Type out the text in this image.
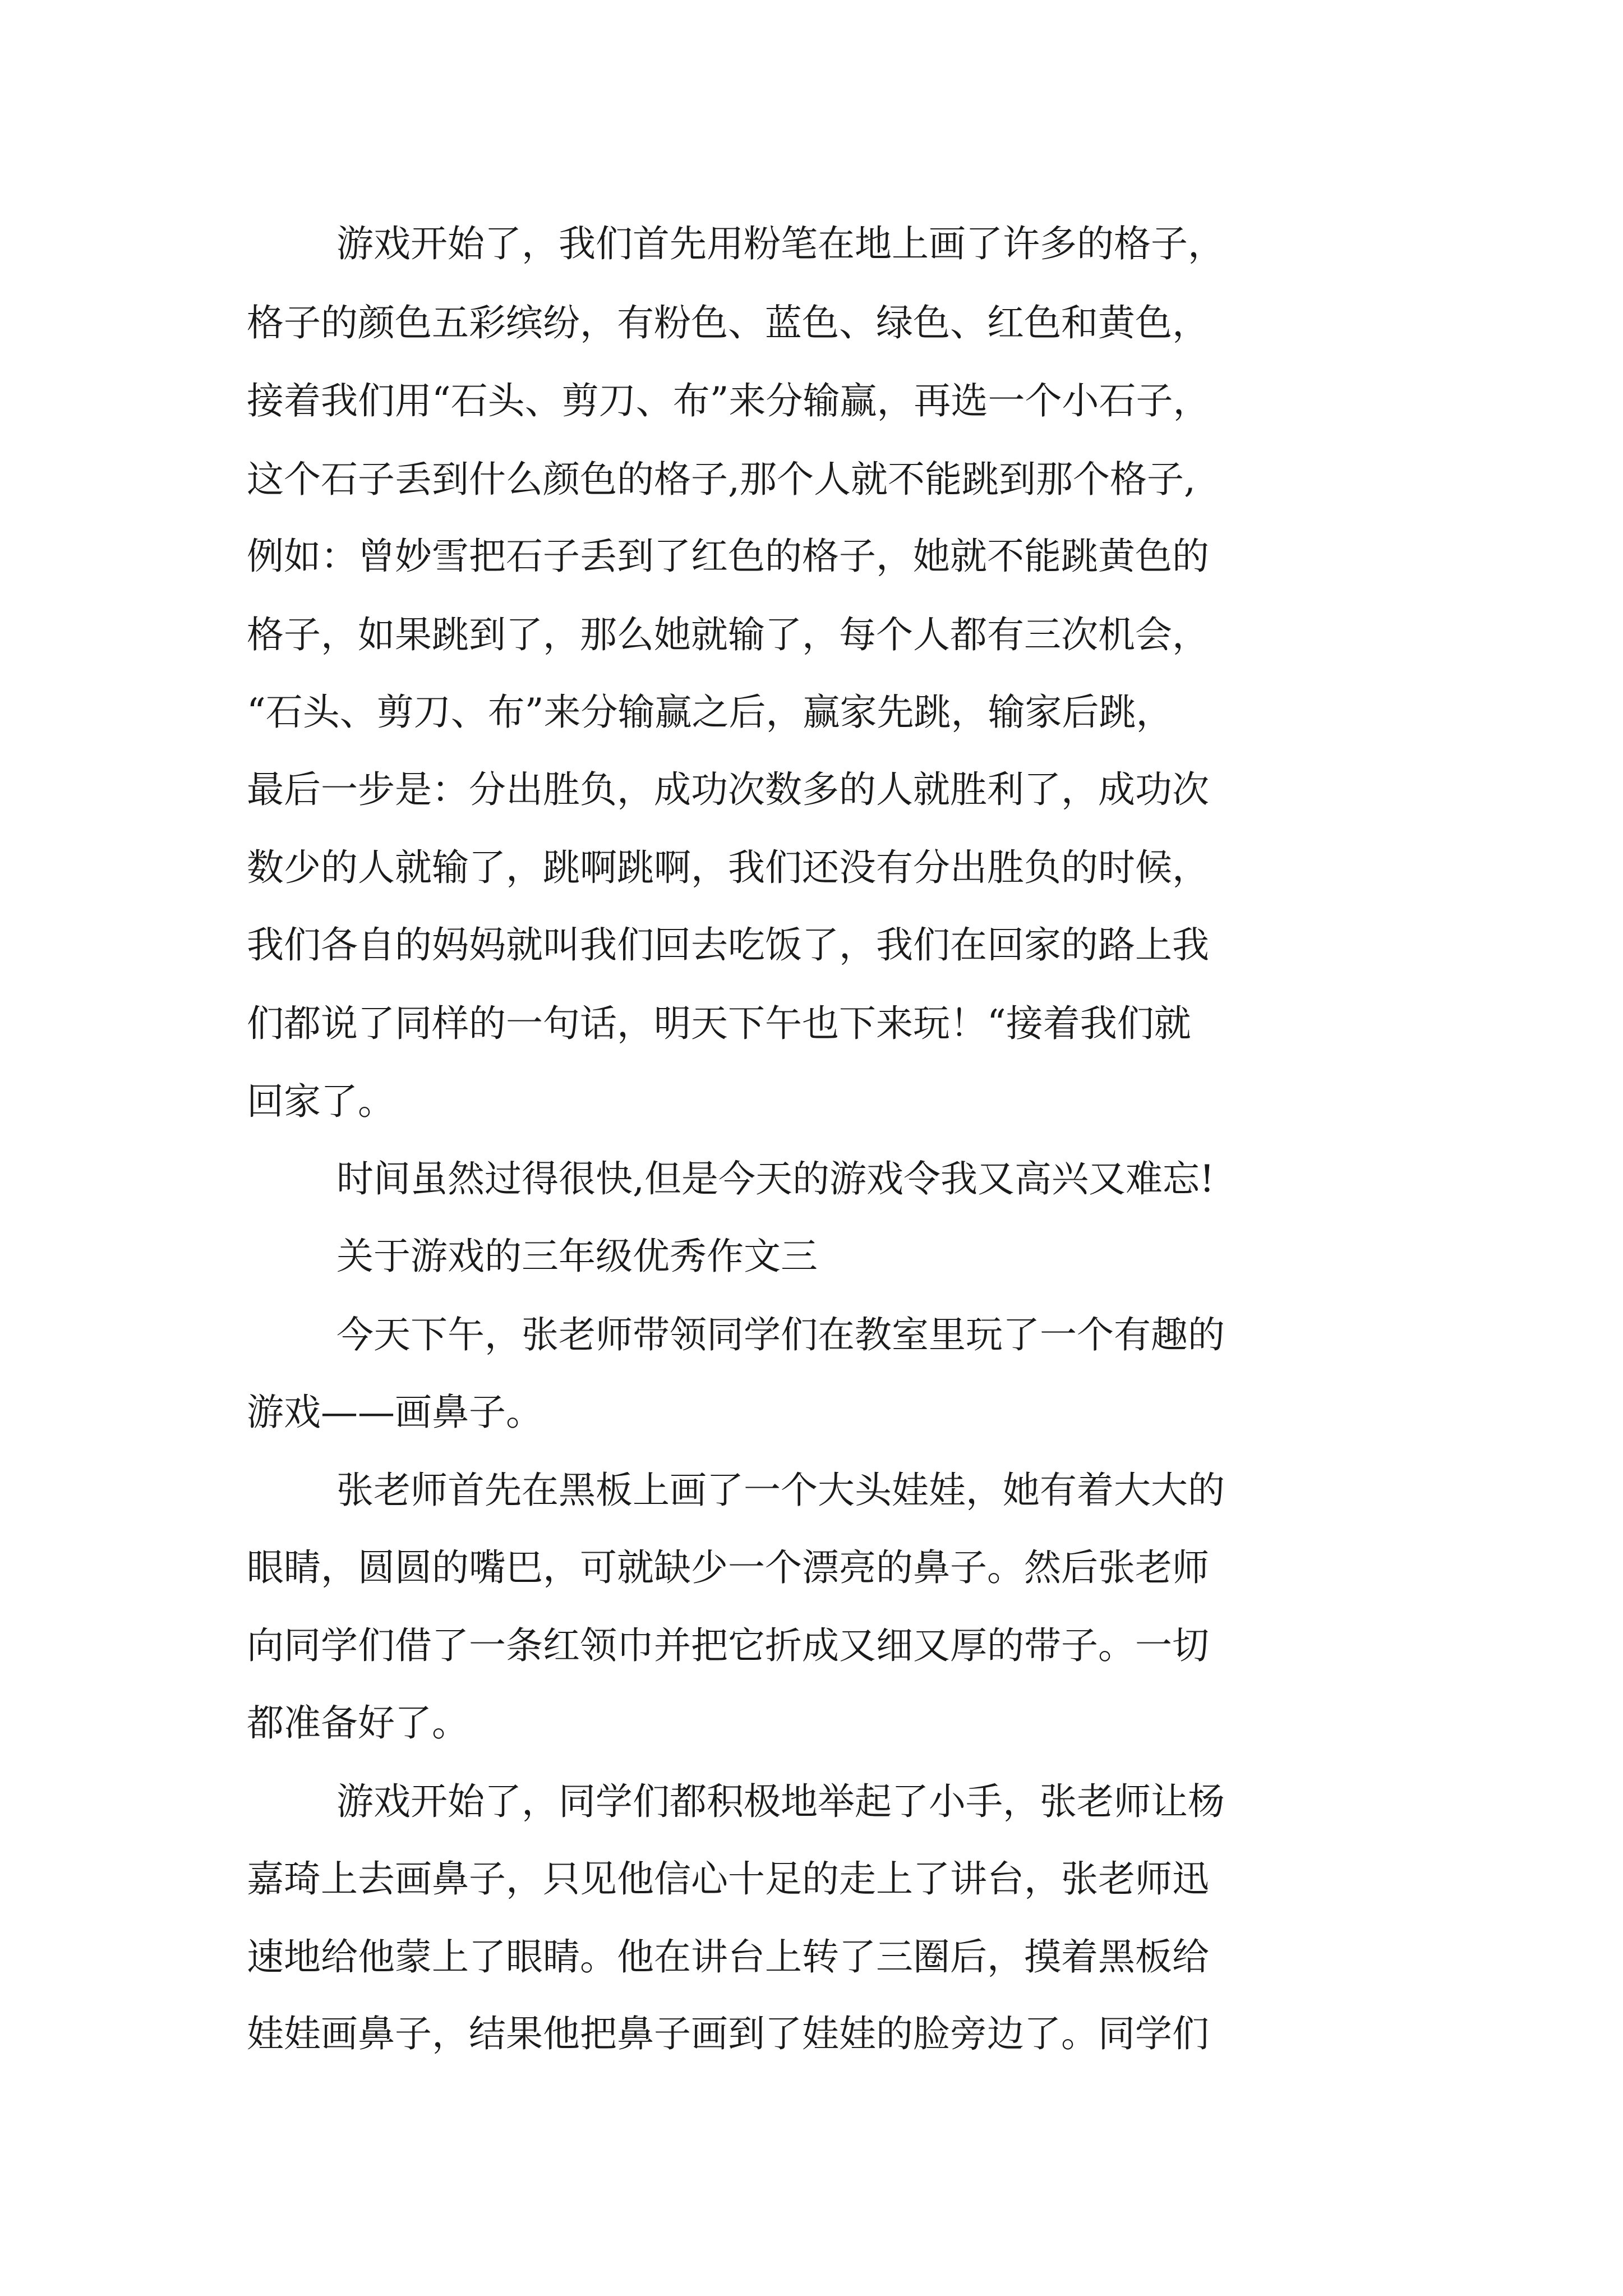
游戏开始了，我们首先用粉笔在地上画了许多的格子，
格子的颜色五彩缤纷，有粉色、蓝色、绿色、红色和黄色，
接着我们用“石头、剪刀、布”来分输赢，再选一个小石子，
这个石子丢到什么颜色的格子,那个人就不能跳到那个格子,
例如：曾妙雪把石子丢到了红色的格子，她就不能跳黄色的
格子，如果跳到了，那么她就输了，每个人都有三次机会，
“石头、剪刀、布”来分输赢之后，赢家先跳，输家后跳，
最后一步是：分出胜负，成功次数多的人就胜利了，成功次
数少的人就输了，跳啊跳啊，我们还没有分出胜负的时候，
我们各自的妈妈就叫我们回去吃饭了，我们在回家的路上我
们都说了同样的一句话，明天下午也下来玩！“接着我们就
回家了。
时间虽然过得很快,但是今天的游戏令我又高兴又难忘!
关于游戏的三年级优秀作文三
今天下午，张老师带领同学们在教室里玩了一个有趣的
游戏——画鼻子。
张老师首先在黑板上画了一个大头娃娃，她有着大大的
眼睛，圆圆的嘴巴，可就缺少一个漂亮的鼻子。然后张老师
向同学们借了一条红领巾并把它折成又细又厚的带子。一切
都准备好了。
游戏开始了，同学们都积极地举起了小手，张老师让杨
嘉琦上去画鼻子，只见他信心十足的走上了讲台，张老师迅
速地给他蒙上了眼睛。他在讲台上转了三圈后，摸着黑板给
娃娃画鼻子，结果他把鼻子画到了娃娃的脸旁边了。同学们
